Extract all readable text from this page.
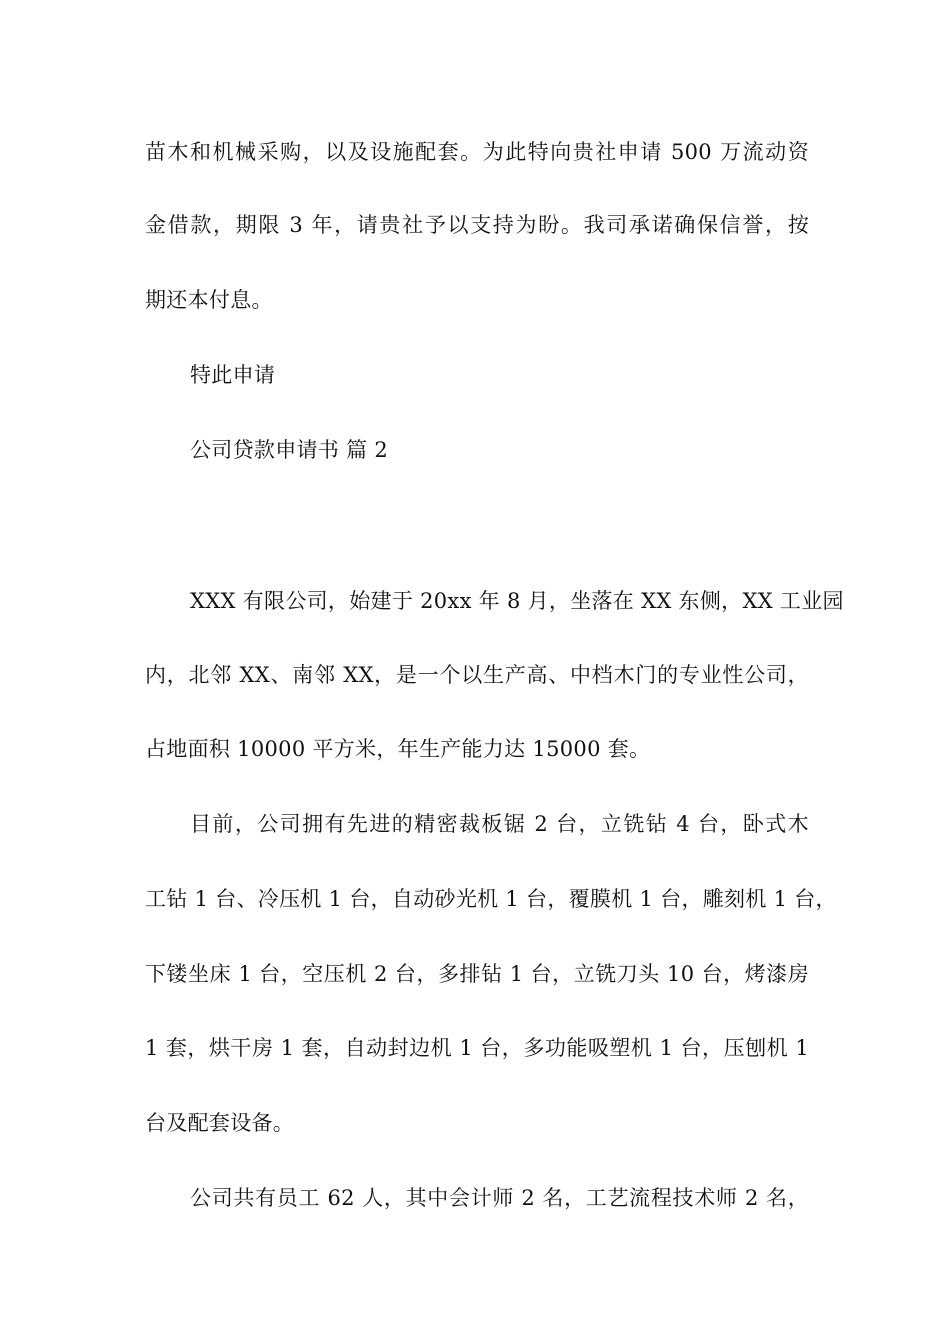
苗木和机械采购，以及设施配套。为此特向贵社申请 500 万流动资
金借款，期限 3 年，请贵社予以支持为盼。我司承诺确保信誉，按
期还本付息。
特此申请
公司贷款申请书 篇 2
XXX 有限公司，始建于 20xx 年 8 月，坐落在 XX 东侧，XX 工业园
内，北邻 XX、南邻 XX，是一个以生产高、中档木门的专业性公司，
占地面积 10000 平方米，年生产能力达 15000 套。
目前，公司拥有先进的精密裁板锯 2 台，立铣钻 4 台，卧式木
工钻 1 台、冷压机 1 台，自动砂光机 1 台，覆膜机 1 台，雕刻机 1 台，
下镂坐床 1 台，空压机 2 台，多排钻 1 台，立铣刀头 10 台，烤漆房
1 套，烘干房 1 套，自动封边机 1 台，多功能吸塑机 1 台，压刨机 1
台及配套设备。
公司共有员工 62 人，其中会计师 2 名，工艺流程技术师 2 名，
